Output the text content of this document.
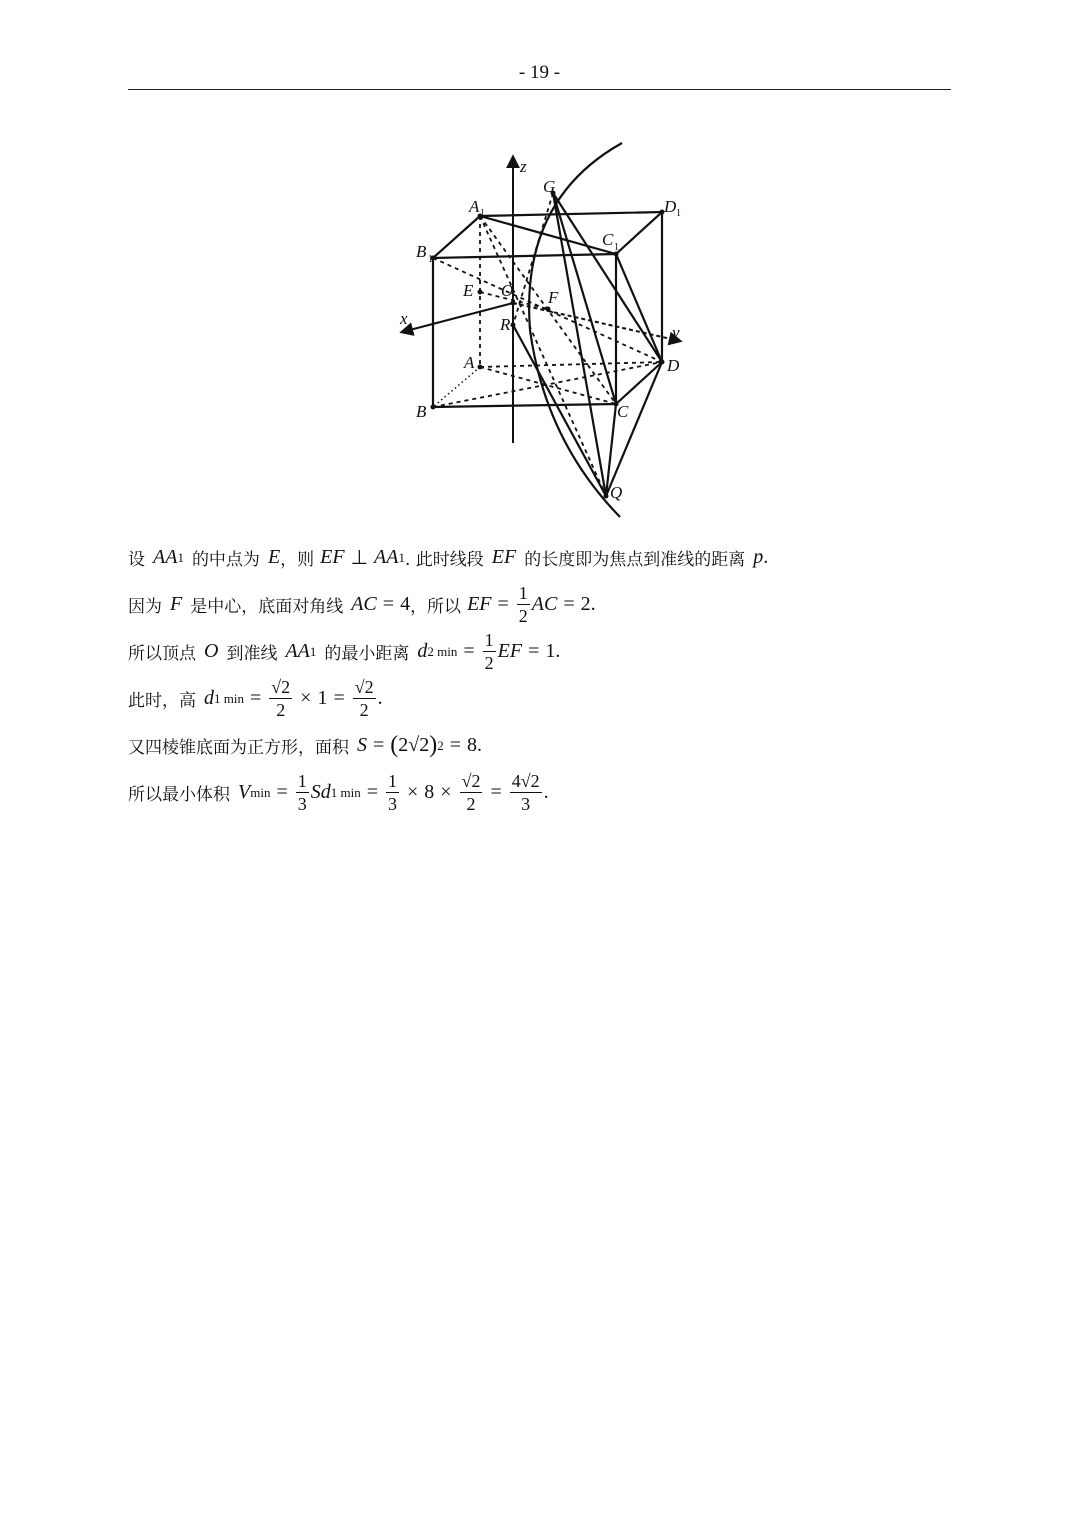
- 19 -
z
x
y
G
A 1	D 1
B 1
C 1
E O F
R
A	D
B	C
Q
设 AA 1 的中点为 E ，则 EF ⊥ AA 1 . 此时线段 EF 的长度即为焦点到准线的距离 p .
因为 F 是中心，底面对角线 AC = 4 ，所以 EF = $\frac{1}{2}$ AC = 2 .
所以顶点 O 到准线 AA 1 的最小距离 d 2 $\min = \frac{1}{2}$ EF = 1 .
此时，高 d 1 $\min = \frac{√2}{2} \times 1 = \frac{√2}{2}$ .
又四棱锥底面为正方形，面积 S = ( 2 √2 ) 2 = 8 .
所以最小体积 V $\min = \frac{1}{3}$ Sd 1 $\min = \frac{1}{3} \times 8 \times \frac{√2}{2} = \frac{4√2}{3}$ .
